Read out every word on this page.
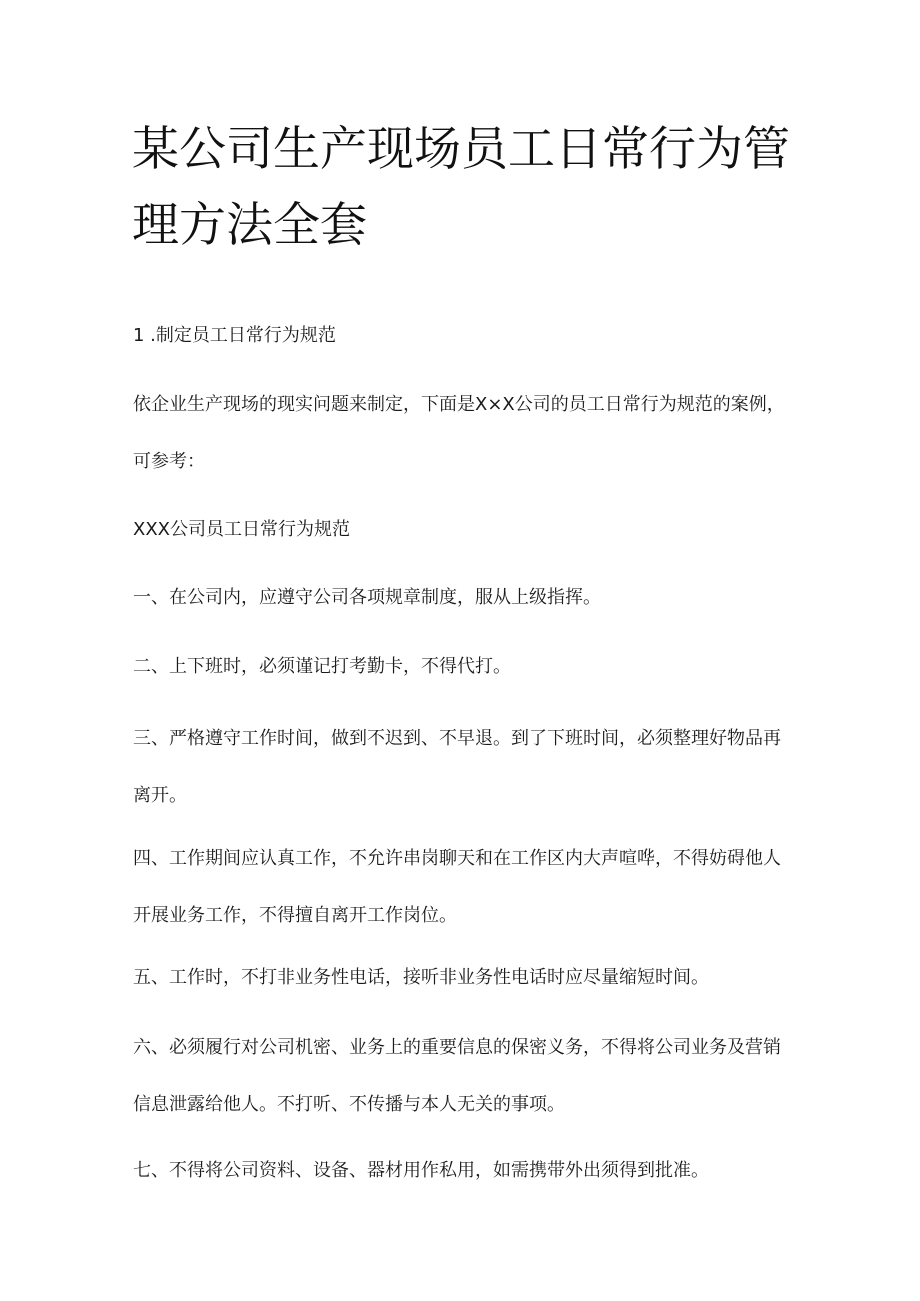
某公司生产现场员工日常行为管理方法全套

1 .制定员工日常行为规范

依企业生产现场的现实问题来制定，下面是X×X公司的员工日常行为规范的案例，可参考：

XXX公司员工日常行为规范

一、在公司内，应遵守公司各项规章制度，服从上级指挥。

二、上下班时，必须谨记打考勤卡，不得代打。

三、严格遵守工作时间，做到不迟到、不早退。到了下班时间，必须整理好物品再离开。

四、工作期间应认真工作，不允许串岗聊天和在工作区内大声喧哗，不得妨碍他人开展业务工作，不得擅自离开工作岗位。

五、工作时，不打非业务性电话，接听非业务性电话时应尽量缩短时间。

六、必须履行对公司机密、业务上的重要信息的保密义务，不得将公司业务及营销信息泄露给他人。不打听、不传播与本人无关的事项。

七、不得将公司资料、设备、器材用作私用，如需携带外出须得到批准。
